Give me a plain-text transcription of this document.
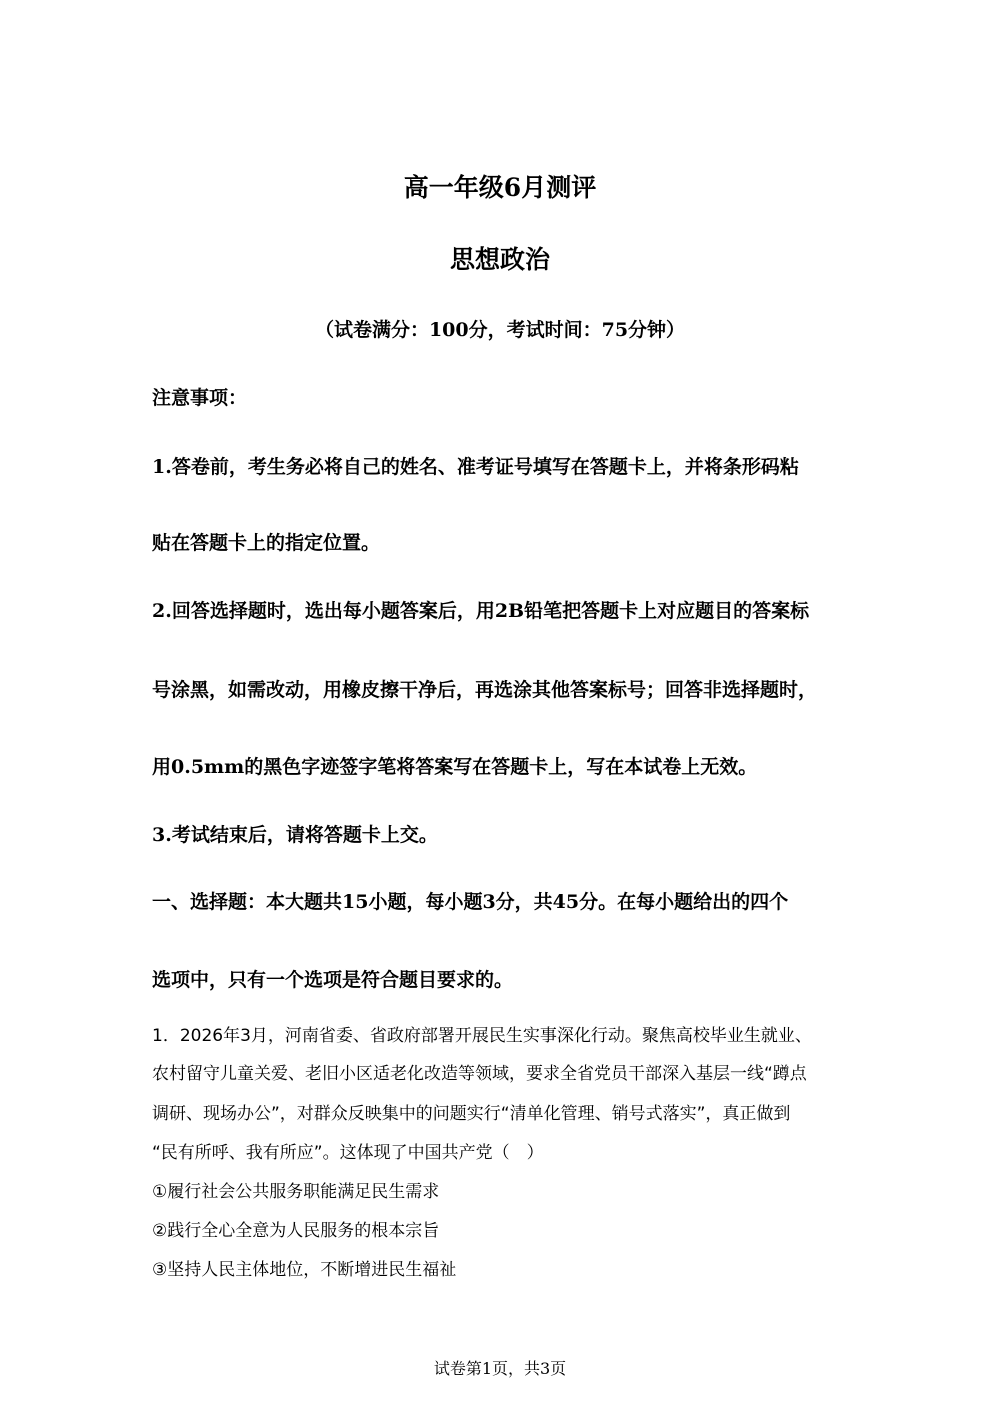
高一年级6月测评
思想政治
（试卷满分：100分，考试时间：75分钟）
注意事项：
1.答卷前，考生务必将自己的姓名、准考证号填写在答题卡上，并将条形码粘
贴在答题卡上的指定位置。
2.回答选择题时，选出每小题答案后，用2B铅笔把答题卡上对应题目的答案标
号涂黑，如需改动，用橡皮擦干净后，再选涂其他答案标号；回答非选择题时，
用0.5mm的黑色字迹签字笔将答案写在答题卡上，写在本试卷上无效。
3.考试结束后，请将答题卡上交。
一、选择题：本大题共15小题，每小题3分，共45分。在每小题给出的四个
选项中，只有一个选项是符合题目要求的。
1．2026年3月，河南省委、省政府部署开展民生实事深化行动。聚焦高校毕业生就业、
农村留守儿童关爱、老旧小区适老化改造等领域，要求全省党员干部深入基层一线“蹲点
调研、现场办公”，对群众反映集中的问题实行“清单化管理、销号式落实”，真正做到
“民有所呼、我有所应”。这体现了中国共产党（　）
①履行社会公共服务职能满足民生需求
②践行全心全意为人民服务的根本宗旨
③坚持人民主体地位，不断增进民生福祉
试卷第1页，共3页
